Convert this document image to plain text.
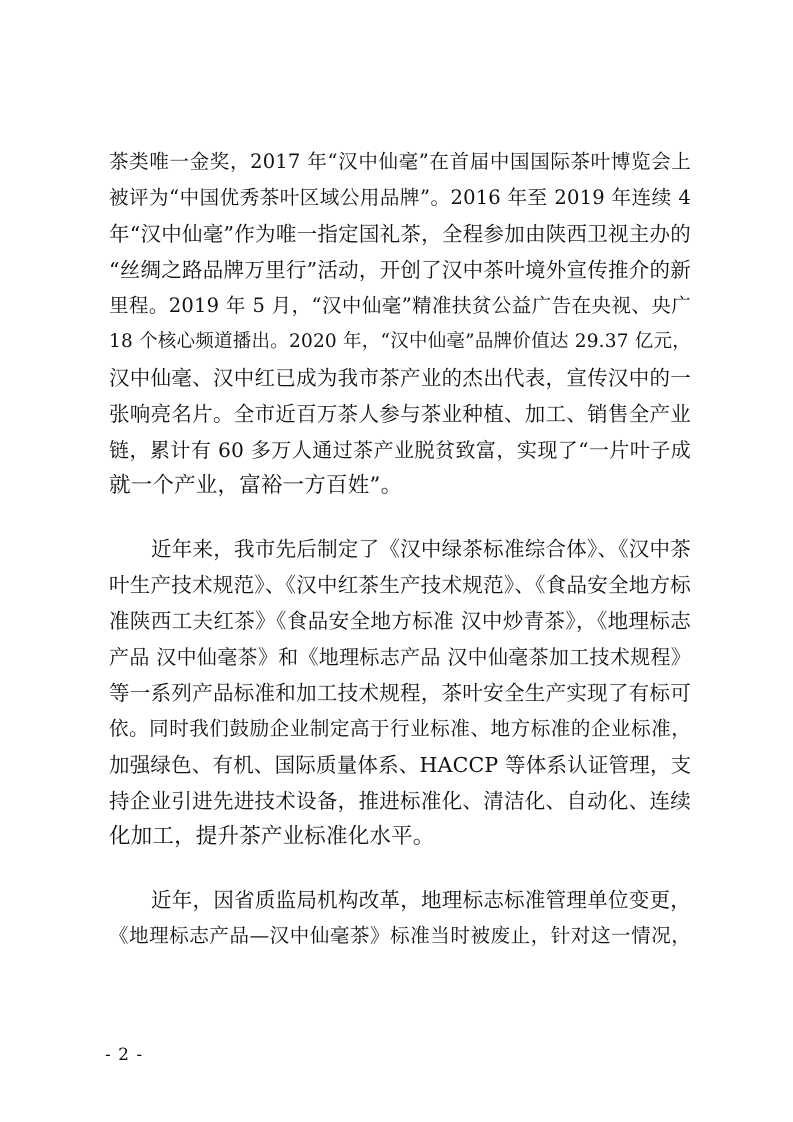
茶类唯一金奖，2017 年“汉中仙毫”在首届中国国际茶叶博览会上
被评为“中国优秀茶叶区域公用品牌”。2016 年至 2019 年连续 4
年“汉中仙毫”作为唯一指定国礼茶，全程参加由陕西卫视主办的
“丝绸之路品牌万里行”活动，开创了汉中茶叶境外宣传推介的新
里程。2019 年 5 月，“汉中仙毫”精准扶贫公益广告在央视、央广
18 个核心频道播出。2020 年，“汉中仙毫”品牌价值达 29.37 亿元，
汉中仙毫、汉中红已成为我市茶产业的杰出代表，宣传汉中的一
张响亮名片。全市近百万茶人参与茶业种植、加工、销售全产业
链，累计有 60 多万人通过茶产业脱贫致富，实现了“一片叶子成
就一个产业，富裕一方百姓”。
近年来，我市先后制定了《汉中绿茶标准综合体》、《汉中茶
叶生产技术规范》、《汉中红茶生产技术规范》、《食品安全地方标
准陕西工夫红茶》《食品安全地方标准 汉中炒青茶》，《地理标志
产品 汉中仙毫茶》和《地理标志产品 汉中仙毫茶加工技术规程》
等一系列产品标准和加工技术规程，茶叶安全生产实现了有标可
依。同时我们鼓励企业制定高于行业标准、地方标准的企业标准，
加强绿色、有机、国际质量体系、HACCP 等体系认证管理，支
持企业引进先进技术设备，推进标准化、清洁化、自动化、连续
化加工，提升茶产业标准化水平。
近年，因省质监局机构改革，地理标志标准管理单位变更，
《地理标志产品—汉中仙毫茶》标准当时被废止，针对这一情况，
- 2 -
